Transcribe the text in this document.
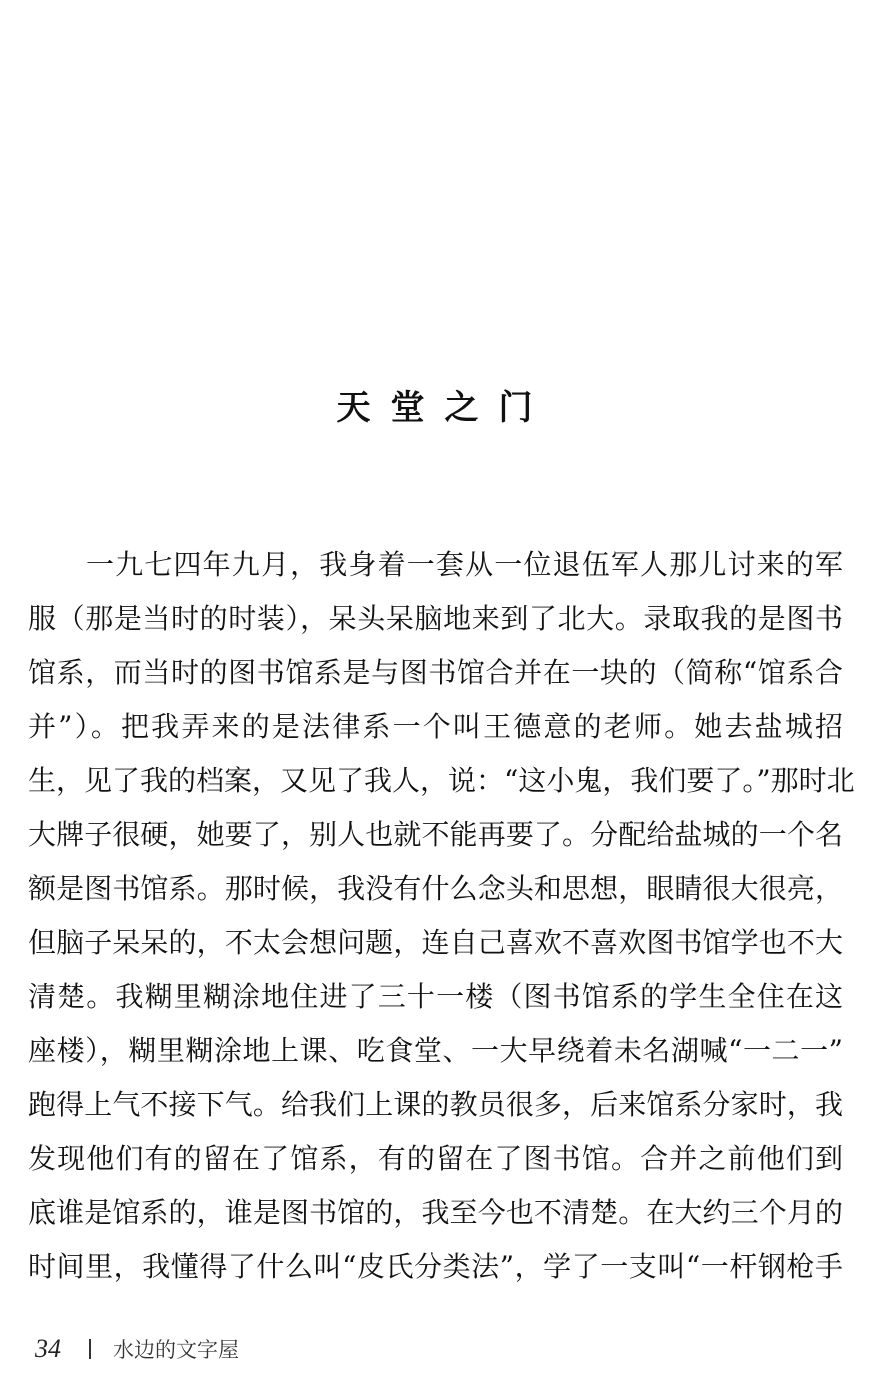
天堂之门
一九七四年九月，我身着一套从一位退伍军人那儿讨来的军
服（那是当时的时装），呆头呆脑地来到了北大。录取我的是图书
馆系，而当时的图书馆系是与图书馆合并在一块的（简称“馆系合
并”）。把我弄来的是法律系一个叫王德意的老师。她去盐城招
生，见了我的档案，又见了我人，说：“这小鬼，我们要了。”那时北
大牌子很硬，她要了，别人也就不能再要了。分配给盐城的一个名
额是图书馆系。那时候，我没有什么念头和思想，眼睛很大很亮，
但脑子呆呆的，不太会想问题，连自己喜欢不喜欢图书馆学也不大
清楚。我糊里糊涂地住进了三十一楼（图书馆系的学生全住在这
座楼），糊里糊涂地上课、吃食堂、一大早绕着未名湖喊“一二一”
跑得上气不接下气。给我们上课的教员很多，后来馆系分家时，我
发现他们有的留在了馆系，有的留在了图书馆。合并之前他们到
底谁是馆系的，谁是图书馆的，我至今也不清楚。在大约三个月的
时间里，我懂得了什么叫“皮氏分类法”，学了一支叫“一杆钢枪手
34 水边的文字屋
